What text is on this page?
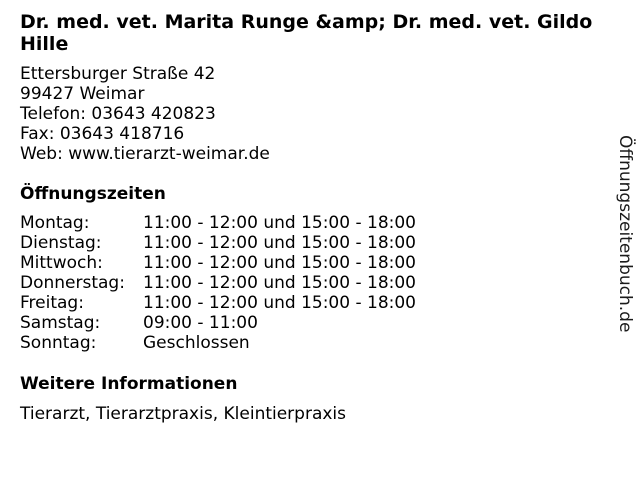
Dr. med. vet. Marita Runge &amp; Dr. med. vet. Gildo Hille
Ettersburger Straße 42
99427 Weimar
Telefon: 03643 420823
Fax: 03643 418716
Web: www.tierarzt-weimar.de
Öffnungszeiten
Montag:	11:00 - 12:00 und 15:00 - 18:00
Dienstag:	11:00 - 12:00 und 15:00 - 18:00
Mittwoch:	11:00 - 12:00 und 15:00 - 18:00
Donnerstag:	11:00 - 12:00 und 15:00 - 18:00
Freitag:	11:00 - 12:00 und 15:00 - 18:00
Samstag:	09:00 - 11:00
Sonntag:	Geschlossen
Weitere Informationen
Tierarzt, Tierarztpraxis, Kleintierpraxis
Öffnungszeitenbuch.de
